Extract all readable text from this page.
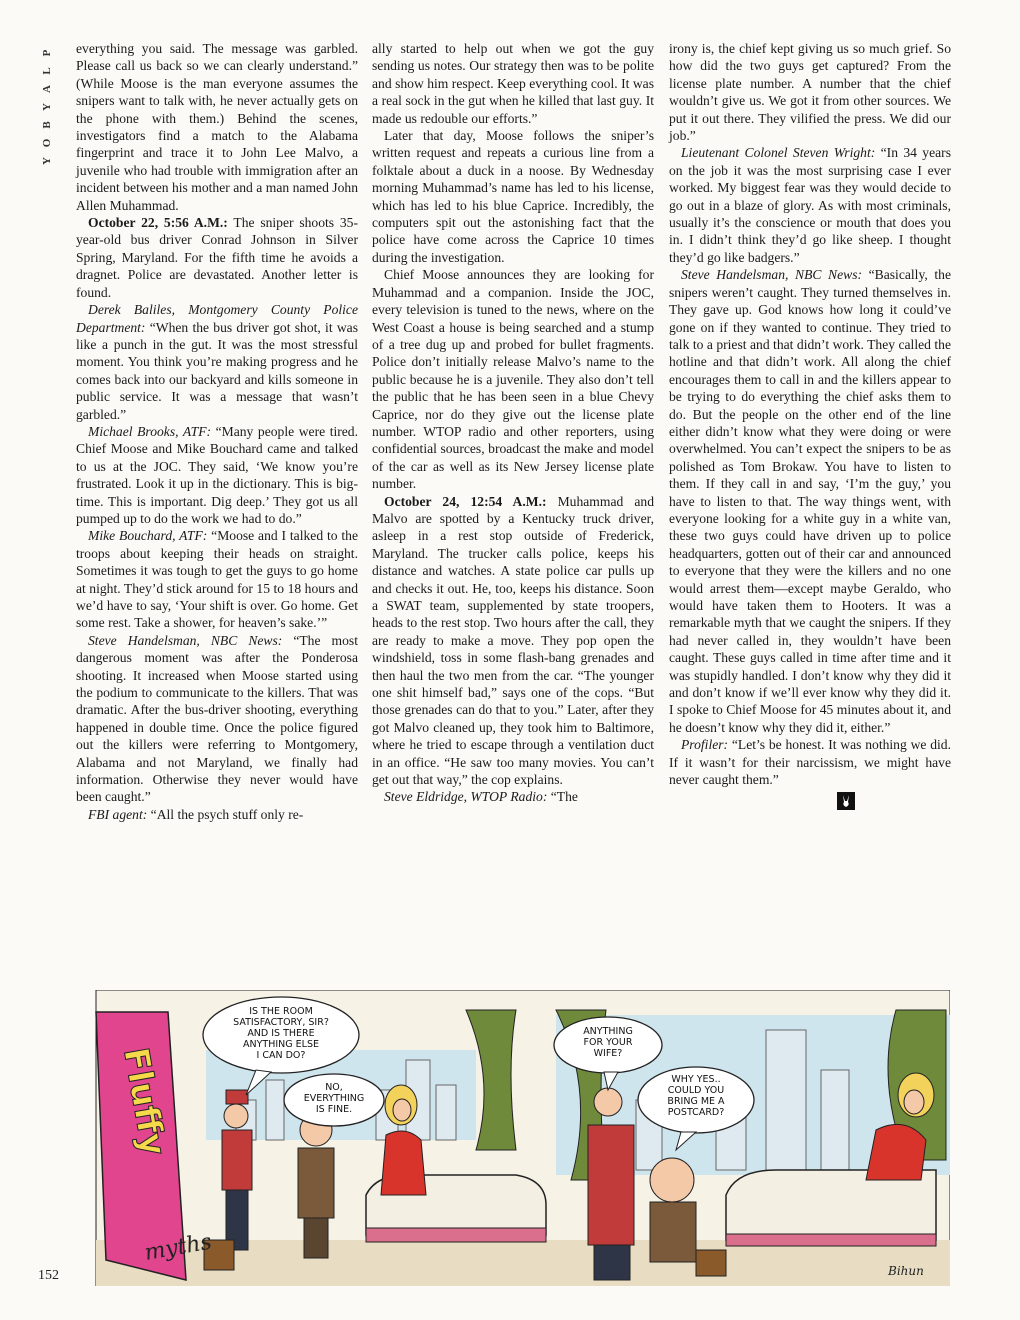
P
L
A
Y
B
O
Y

everything you said. The message was garbled. Please call us back so we can clearly understand.” (While Moose is the man everyone assumes the snipers want to talk with, he never actually gets on the phone with them.) Behind the scenes, investigators find a match to the Alabama fingerprint and trace it to John Lee Malvo, a juvenile who had trouble with immigration after an incident between his mother and a man named John Allen Muhammad.

October 22, 5:56 A.M.: The sniper shoots 35-year-old bus driver Conrad Johnson in Silver Spring, Maryland. For the fifth time he avoids a dragnet. Police are devastated. Another letter is found.

Derek Baliles, Montgomery County Police Department: “When the bus driver got shot, it was like a punch in the gut. It was the most stressful moment. You think you’re making progress and he comes back into our backyard and kills someone in public service. It was a message that wasn’t garbled.”

Michael Brooks, ATF: “Many people were tired. Chief Moose and Mike Bouchard came and talked to us at the JOC. They said, ‘We know you’re frustrated. Look it up in the dictionary. This is big-time. This is important. Dig deep.’ They got us all pumped up to do the work we had to do.”

Mike Bouchard, ATF: “Moose and I talked to the troops about keeping their heads on straight. Sometimes it was tough to get the guys to go home at night. They’d stick around for 15 to 18 hours and we’d have to say, ‘Your shift is over. Go home. Get some rest. Take a shower, for heaven’s sake.’”

Steve Handelsman, NBC News: “The most dangerous moment was after the Ponderosa shooting. It increased when Moose started using the podium to communicate to the killers. That was dramatic. After the bus-driver shooting, everything happened in double time. Once the police figured out the killers were referring to Montgomery, Alabama and not Maryland, we finally had information. Otherwise they never would have been caught.”

FBI agent: “All the psych stuff only re-

ally started to help out when we got the guy sending us notes. Our strategy then was to be polite and show him respect. Keep everything cool. It was a real sock in the gut when he killed that last guy. It made us redouble our efforts.”

Later that day, Moose follows the sniper’s written request and repeats a curious line from a folktale about a duck in a noose. By Wednesday morning Muhammad’s name has led to his license, which has led to his blue Caprice. Incredibly, the computers spit out the astonishing fact that the police have come across the Caprice 10 times during the investigation.

Chief Moose announces they are looking for Muhammad and a companion. Inside the JOC, every television is tuned to the news, where on the West Coast a house is being searched and a stump of a tree dug up and probed for bullet fragments. Police don’t initially release Malvo’s name to the public because he is a juvenile. They also don’t tell the public that he has been seen in a blue Chevy Caprice, nor do they give out the license plate number. WTOP radio and other reporters, using confidential sources, broadcast the make and model of the car as well as its New Jersey license plate number.

October 24, 12:54 A.M.: Muhammad and Malvo are spotted by a Kentucky truck driver, asleep in a rest stop outside of Frederick, Maryland. The trucker calls police, keeps his distance and watches. A state police car pulls up and checks it out. He, too, keeps his distance. Soon a SWAT team, supplemented by state troopers, heads to the rest stop. Two hours after the call, they are ready to make a move. They pop open the windshield, toss in some flash-bang grenades and then haul the two men from the car. “The younger one shit himself bad,” says one of the cops. “But those grenades can do that to you.” Later, after they got Malvo cleaned up, they took him to Baltimore, where he tried to escape through a ventilation duct in an office. “He saw too many movies. You can’t get out that way,” the cop explains.

Steve Eldridge, WTOP Radio: “The

irony is, the chief kept giving us so much grief. So how did the two guys get captured? From the license plate number. A number that the chief wouldn’t give us. We got it from other sources. We put it out there. They vilified the press. We did our job.”

Lieutenant Colonel Steven Wright: “In 34 years on the job it was the most surprising case I ever worked. My biggest fear was they would decide to go out in a blaze of glory. As with most criminals, usually it’s the conscience or mouth that does you in. I didn’t think they’d go like sheep. I thought they’d go like badgers.”

Steve Handelsman, NBC News: “Basically, the snipers weren’t caught. They turned themselves in. They gave up. God knows how long it could’ve gone on if they wanted to continue. They tried to talk to a priest and that didn’t work. They called the hotline and that didn’t work. All along the chief encourages them to call in and the killers appear to be trying to do everything the chief asks them to do. But the people on the other end of the line either didn’t know what they were doing or were overwhelmed. You can’t expect the snipers to be as polished as Tom Brokaw. You have to listen to them. If they call in and say, ‘I’m the guy,’ you have to listen to that. The way things went, with everyone looking for a white guy in a white van, these two guys could have driven up to police headquarters, gotten out of their car and announced to everyone that they were the killers and no one would arrest them—except maybe Geraldo, who would have taken them to Hooters. It was a remarkable myth that we caught the snipers. If they had never called in, they wouldn’t have been caught. These guys called in time after time and it was stupidly handled. I don’t know why they did it and don’t know if we’ll ever know why they did it. I spoke to Chief Moose for 45 minutes about it, and he doesn’t know why they did it, either.”

Profiler: “Let’s be honest. It was nothing we did. If it wasn’t for their narcissism, we might have never caught them.”

Fluffy
myths
IS THE ROOM SATISFACTORY, SIR? AND IS THERE ANYTHING ELSE I CAN DO?
NO, EVERYTHING IS FINE.
ANYTHING FOR YOUR WIFE?
WHY YES.. COULD YOU BRING ME A POSTCARD?
Bihun
152
